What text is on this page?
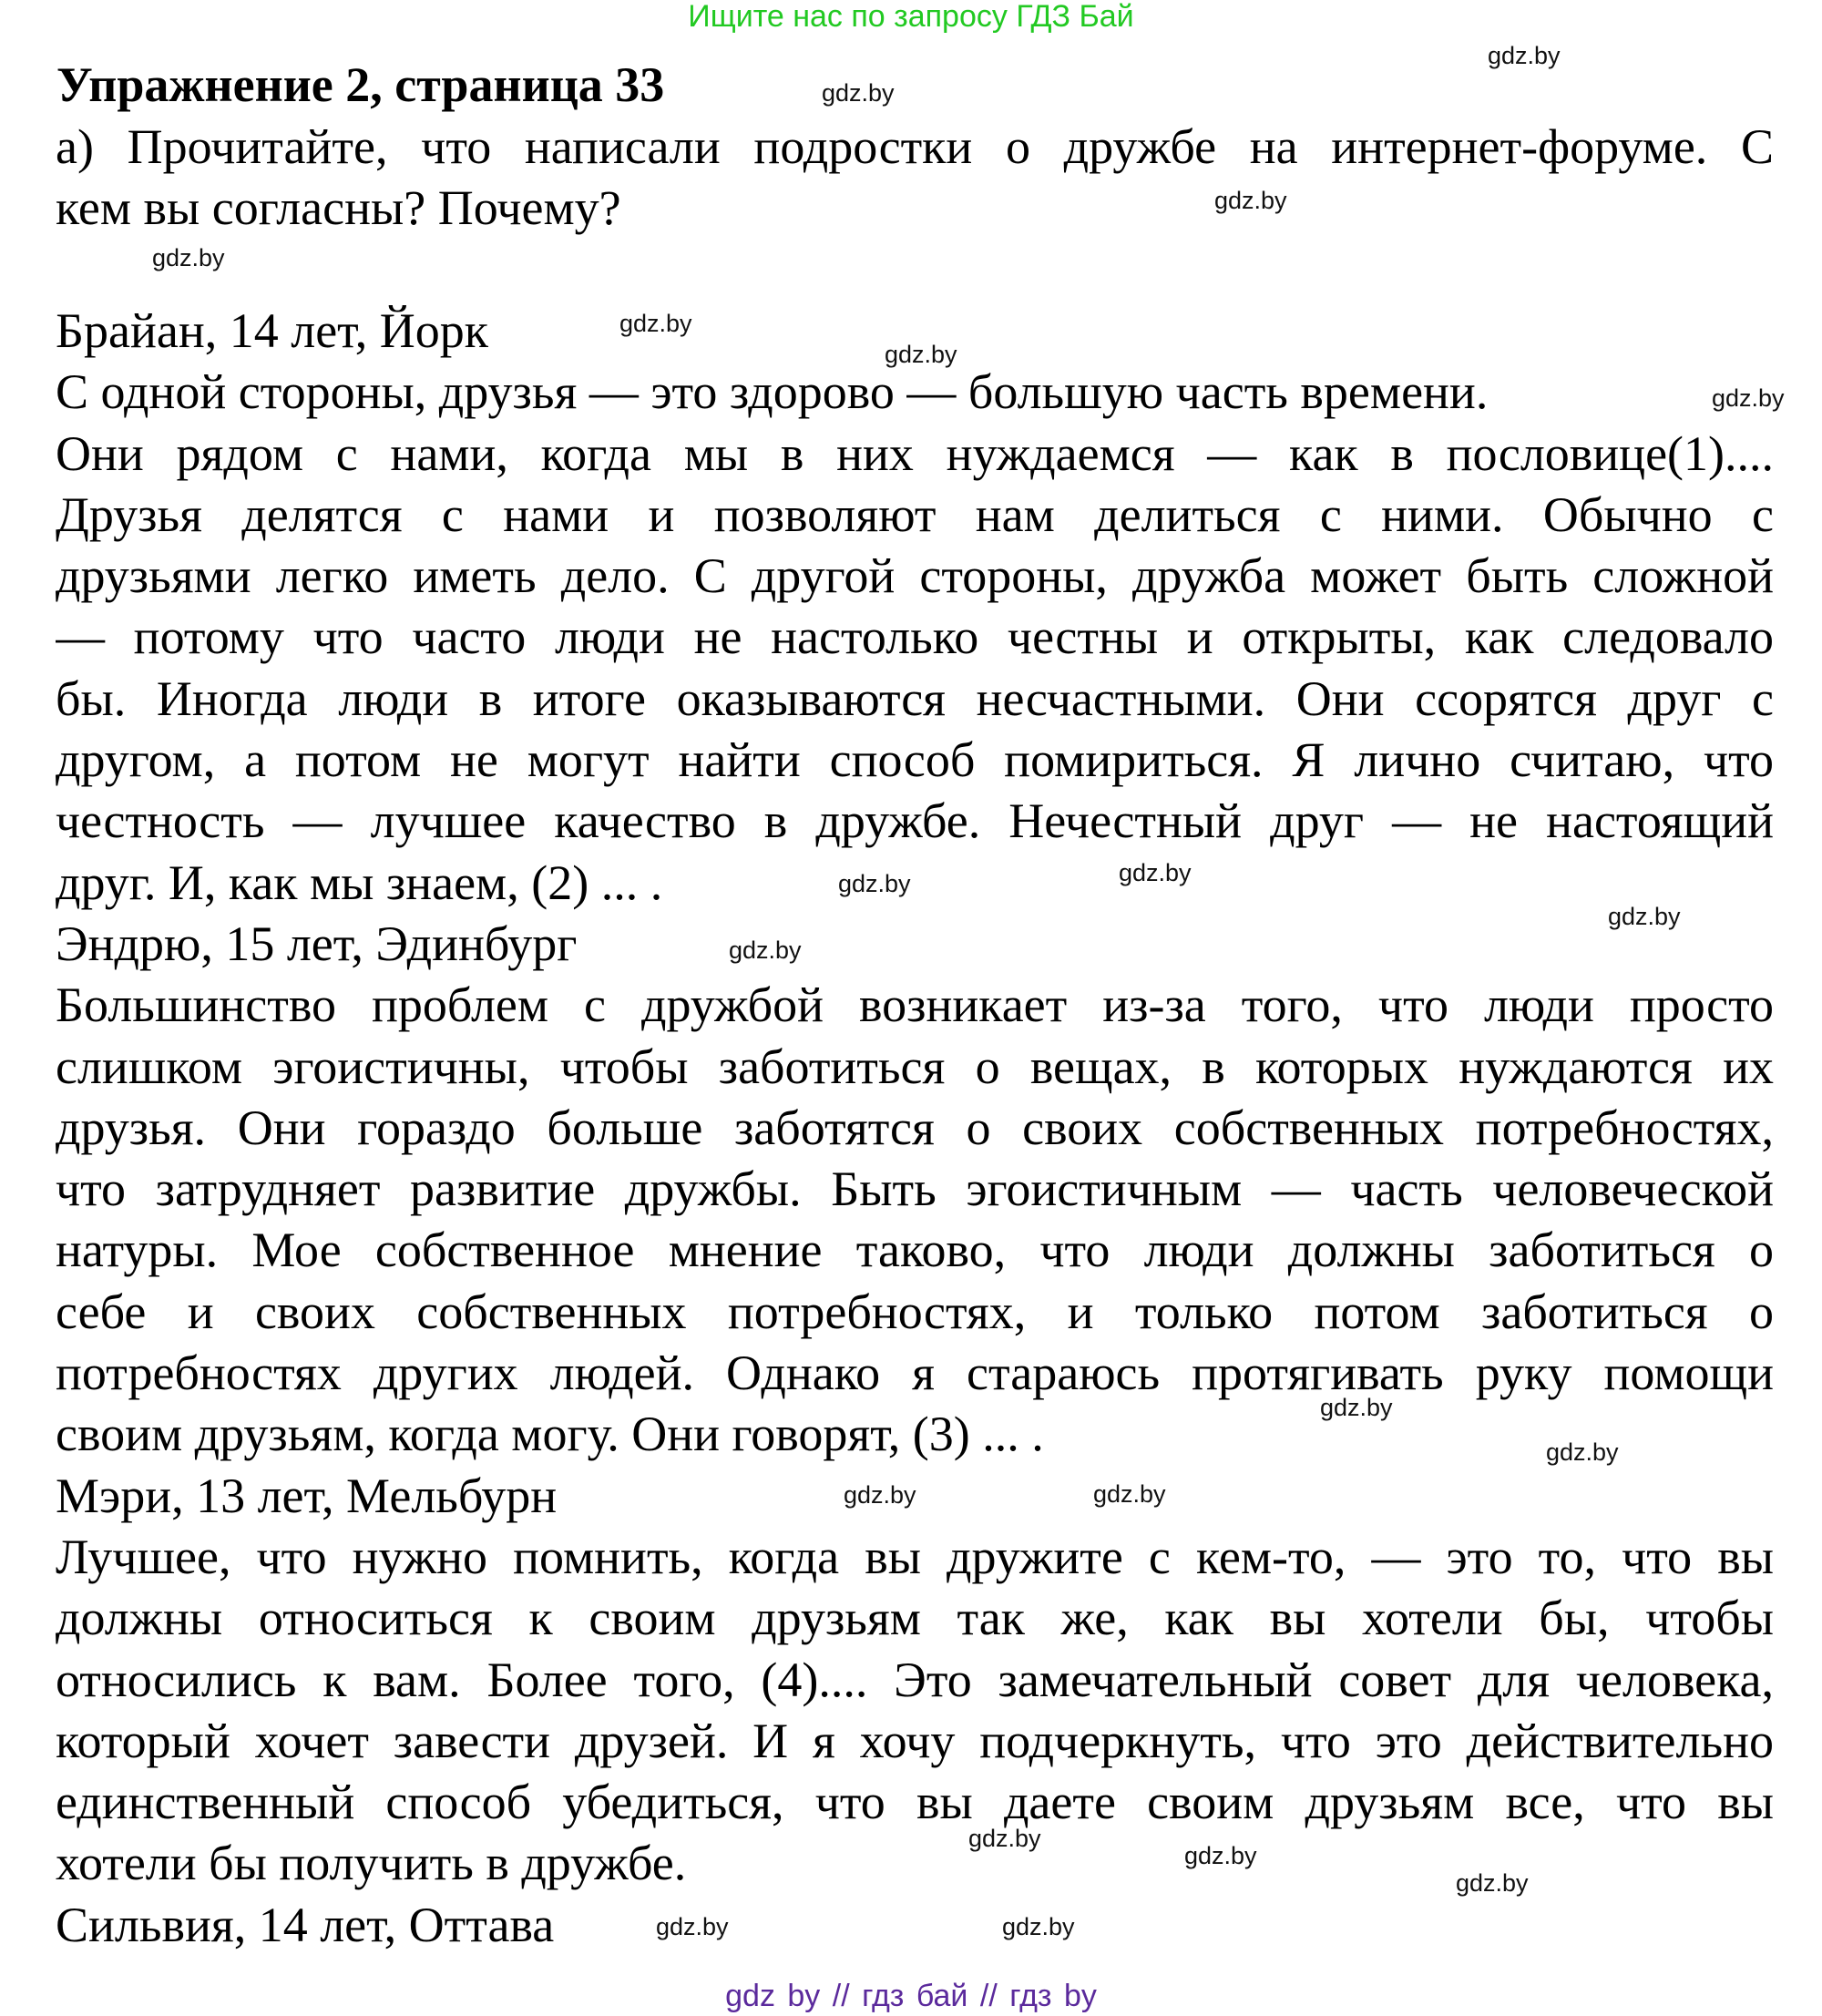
Ищите нас по запросу ГДЗ Бай
Упражнение 2, страница 33
а) Прочитайте, что написали подростки о дружбе на интернет-форуме. С
кем вы согласны? Почему?
Брайан, 14 лет, Йорк
С одной стороны, друзья — это здорово — большую часть времени.
Они рядом с нами, когда мы в них нуждаемся — как в пословице(1)....
Друзья делятся с нами и позволяют нам делиться с ними. Обычно с
друзьями легко иметь дело. С другой стороны, дружба может быть сложной
— потому что часто люди не настолько честны и открыты, как следовало
бы. Иногда люди в итоге оказываются несчастными. Они ссорятся друг с
другом, а потом не могут найти способ помириться. Я лично считаю, что
честность — лучшее качество в дружбе. Нечестный друг — не настоящий
друг. И, как мы знаем, (2) ... .
Эндрю, 15 лет, Эдинбург
Большинство проблем с дружбой возникает из-за того, что люди просто
слишком эгоистичны, чтобы заботиться о вещах, в которых нуждаются их
друзья. Они гораздо больше заботятся о своих собственных потребностях,
что затрудняет развитие дружбы. Быть эгоистичным — часть человеческой
натуры. Мое собственное мнение таково, что люди должны заботиться о
себе и своих собственных потребностях, и только потом заботиться о
потребностях других людей. Однако я стараюсь протягивать руку помощи
своим друзьям, когда могу. Они говорят, (3) ... .
Мэри, 13 лет, Мельбурн
Лучшее, что нужно помнить, когда вы дружите с кем-то, — это то, что вы
должны относиться к своим друзьям так же, как вы хотели бы, чтобы
относились к вам. Более того, (4).... Это замечательный совет для человека,
который хочет завести друзей. И я хочу подчеркнуть, что это действительно
единственный способ убедиться, что вы даете своим друзьям все, что вы
хотели бы получить в дружбе.
Сильвия, 14 лет, Оттава
gdz.by
gdz.by
gdz.by
gdz.by
gdz.by
gdz.by
gdz.by
gdz.by	gdz.by
gdz.by
gdz.by
gdz.by
gdz.by
gdz.by
gdz.by
gdz.by
gdz.by
gdz.by
gdz.by
gdz.by
gdz by // гдз бай // гдз by
